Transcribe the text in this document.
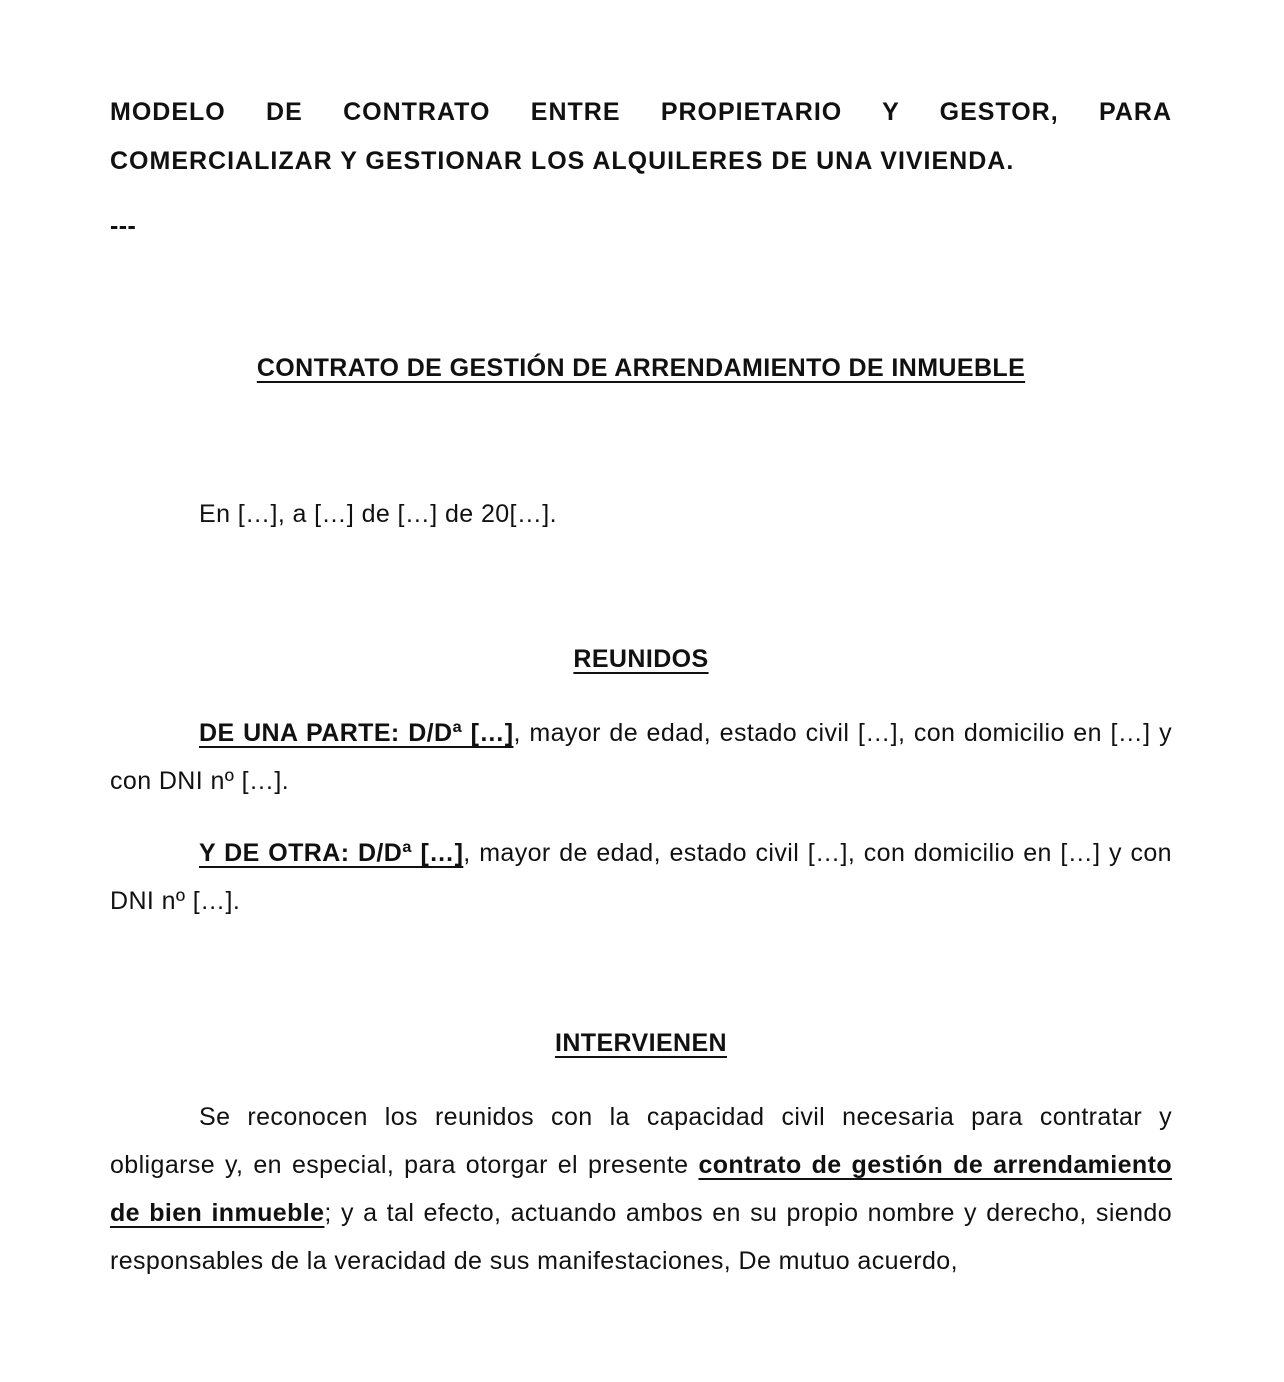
MODELO DE CONTRATO ENTRE PROPIETARIO Y GESTOR, PARA
COMERCIALIZAR Y GESTIONAR LOS ALQUILERES DE UNA VIVIENDA.
---
CONTRATO DE GESTIÓN DE ARRENDAMIENTO DE INMUEBLE
En […], a […] de […] de 20[…].
REUNIDOS
DE UNA PARTE: D/Dª […], mayor de edad, estado civil […], con domicilio en […] y con DNI nº […].
Y DE OTRA: D/Dª […], mayor de edad, estado civil […], con domicilio en […] y con DNI nº […].
INTERVIENEN
Se reconocen los reunidos con la capacidad civil necesaria para contratar y obligarse y, en especial, para otorgar el presente contrato de gestión de arrendamiento de bien inmueble; y a tal efecto, actuando ambos en su propio nombre y derecho, siendo responsables de la veracidad de sus manifestaciones, De mutuo acuerdo,
